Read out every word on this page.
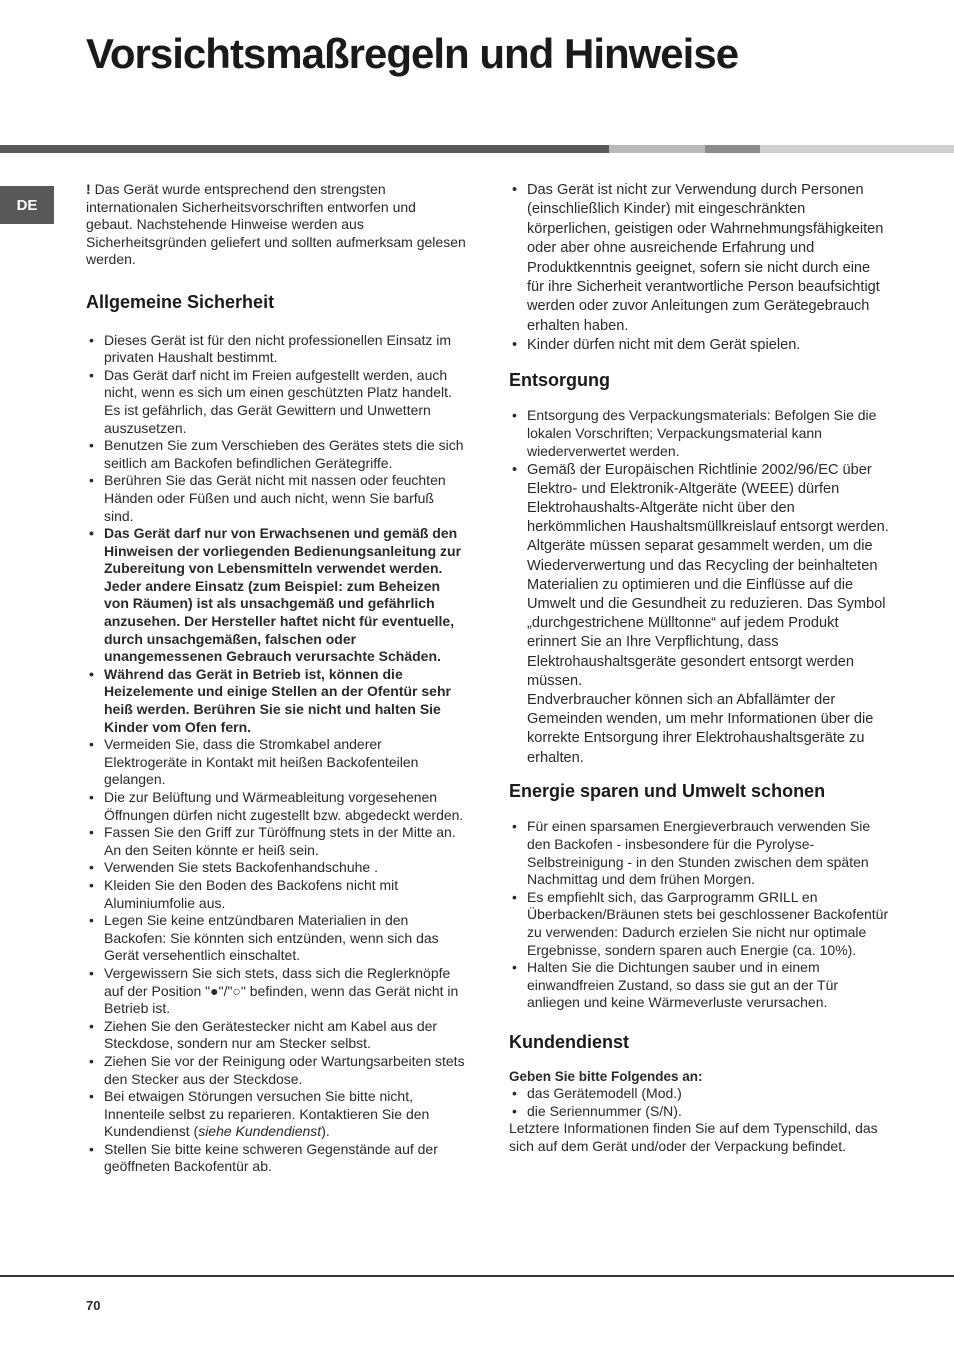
Vorsichtsmaßregeln und Hinweise
DE

! Das Gerät wurde entsprechend den strengsten internationalen Sicherheitsvorschriften entworfen und gebaut. Nachstehende Hinweise werden aus Sicherheitsgründen geliefert und sollten aufmerksam gelesen werden.

Allgemeine Sicherheit
• Dieses Gerät ist für den nicht professionellen Einsatz im privaten Haushalt bestimmt.
• Das Gerät darf nicht im Freien aufgestellt werden, auch nicht, wenn es sich um einen geschützten Platz handelt. Es ist gefährlich, das Gerät Gewittern und Unwettern auszusetzen.
• Benutzen Sie zum Verschieben des Gerätes stets die sich seitlich am Backofen befindlichen Gerätegriffe.
• Berühren Sie das Gerät nicht mit nassen oder feuchten Händen oder Füßen und auch nicht, wenn Sie barfuß sind.
• Das Gerät darf nur von Erwachsenen und gemäß den Hinweisen der vorliegenden Bedienungsanleitung zur Zubereitung von Lebensmitteln verwendet werden. Jeder andere Einsatz (zum Beispiel: zum Beheizen von Räumen) ist als unsachgemäß und gefährlich anzusehen. Der Hersteller haftet nicht für eventuelle, durch unsachgemäßen, falschen oder unangemessenen Gebrauch verursachte Schäden.
• Während das Gerät in Betrieb ist, können die Heizelemente und einige Stellen an der Ofentür sehr heiß werden. Berühren Sie sie nicht und halten Sie Kinder vom Ofen fern.
• Vermeiden Sie, dass die Stromkabel anderer Elektrogeräte in Kontakt mit heißen Backofenteilen gelangen.
• Die zur Belüftung und Wärmeableitung vorgesehenen Öffnungen dürfen nicht zugestellt bzw. abgedeckt werden.
• Fassen Sie den Griff zur Türöffnung stets in der Mitte an. An den Seiten könnte er heiß sein.
• Verwenden Sie stets Backofenhandschuhe .
• Kleiden Sie den Boden des Backofens nicht mit Aluminiumfolie aus.
• Legen Sie keine entzündbaren Materialien in den Backofen: Sie könnten sich entzünden, wenn sich das Gerät versehentlich einschaltet.
• Vergewissern Sie sich stets, dass sich die Reglerknöpfe auf der Position "●"/"○" befinden, wenn das Gerät nicht in Betrieb ist.
• Ziehen Sie den Gerätestecker nicht am Kabel aus der Steckdose, sondern nur am Stecker selbst.
• Ziehen Sie vor der Reinigung oder Wartungsarbeiten stets den Stecker aus der Steckdose.
• Bei etwaigen Störungen versuchen Sie bitte nicht, Innenteile selbst zu reparieren. Kontaktieren Sie den Kundendienst (siehe Kundendienst).
• Stellen Sie bitte keine schweren Gegenstände auf der geöffneten Backofentür ab.
• Das Gerät ist nicht zur Verwendung durch Personen (einschließlich Kinder) mit eingeschränkten körperlichen, geistigen oder Wahrnehmungsfähigkeiten oder aber ohne ausreichende Erfahrung und Produktkenntnis geeignet, sofern sie nicht durch eine für ihre Sicherheit verantwortliche Person beaufsichtigt werden oder zuvor Anleitungen zum Gerätegebrauch erhalten haben.
• Kinder dürfen nicht mit dem Gerät spielen.
Entsorgung
• Entsorgung des Verpackungsmaterials: Befolgen Sie die lokalen Vorschriften; Verpackungsmaterial kann wiederverwertet werden.
• Gemäß der Europäischen Richtlinie 2002/96/EC über Elektro- und Elektronik-Altgeräte (WEEE) dürfen Elektrohaushalts-Altgeräte nicht über den herkömmlichen Haushaltsmüllkreislauf entsorgt werden. Altgeräte müssen separat gesammelt werden, um die Wiederverwertung und das Recycling der beinhalteten Materialien zu optimieren und die Einflüsse auf die Umwelt und die Gesundheit zu reduzieren. Das Symbol „durchgestrichene Mülltonne“ auf jedem Produkt erinnert Sie an Ihre Verpflichtung, dass Elektrohaushaltsgeräte gesondert entsorgt werden müssen.

Endverbraucher können sich an Abfallämter der Gemeinden wenden, um mehr Informationen über die korrekte Entsorgung ihrer Elektrohaushaltsgeräte zu erhalten.

Energie sparen und Umwelt schonen
• Für einen sparsamen Energieverbrauch verwenden Sie den Backofen - insbesondere für die Pyrolyse-Selbstreinigung - in den Stunden zwischen dem späten Nachmittag und dem frühen Morgen.
• Es empfiehlt sich, das Garprogramm GRILL en Überbacken/Bräunen stets bei geschlossener Backofentür zu verwenden: Dadurch erzielen Sie nicht nur optimale Ergebnisse, sondern sparen auch Energie (ca. 10%).
• Halten Sie die Dichtungen sauber und in einem einwandfreien Zustand, so dass sie gut an der Tür anliegen und keine Wärmeverluste verursachen.
Kundendienst

Geben Sie bitte Folgendes an:

• das Gerätemodell (Mod.)
• die Seriennummer (S/N).

Letztere Informationen finden Sie auf dem Typenschild, das sich auf dem Gerät und/oder der Verpackung befindet.

70
